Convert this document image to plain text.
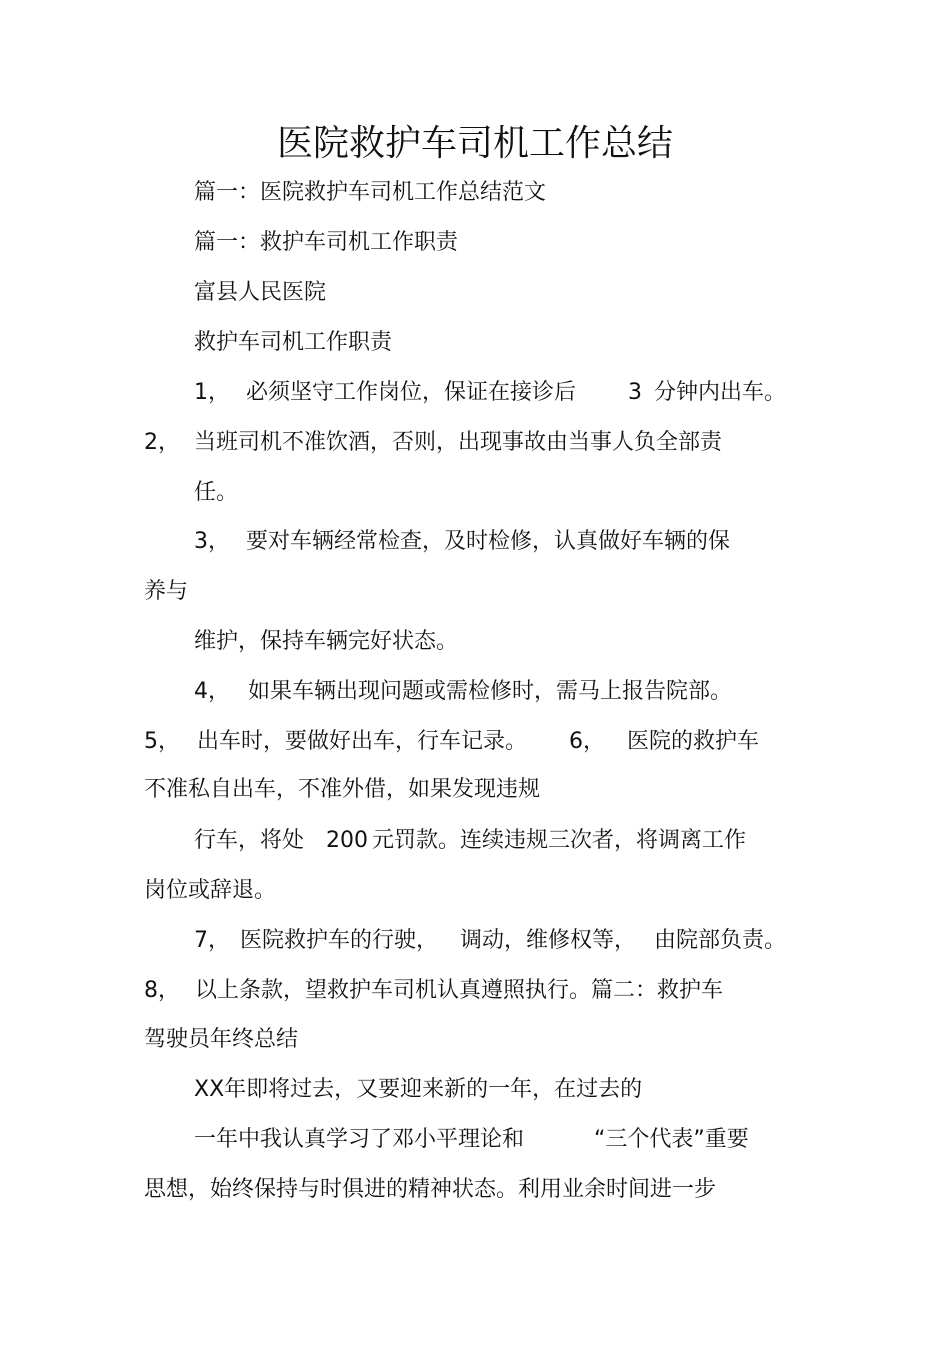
医院救护车司机工作总结
篇一：医院救护车司机工作总结范文
篇一：救护车司机工作职责
富县人民医院
救护车司机工作职责
1， 必须坚守工作岗位，保证在接诊后 3 分钟内出车。
2， 当班司机不准饮酒，否则，出现事故由当事人负全部责
任。
3， 要对车辆经常检查，及时检修，认真做好车辆的保
养与
维护，保持车辆完好状态。
4， 如果车辆出现问题或需检修时，需马上报告院部。
5， 出车时，要做好出车，行车记录。 6， 医院的救护车
不准私自出车，不准外借，如果发现违规
行车，将处 200 元罚款。连续违规三次者，将调离工作
岗位或辞退。
7， 医院救护车的行驶， 调动，维修权等， 由院部负责。
8， 以上条款，望救护车司机认真遵照执行。篇二：救护车
驾驶员年终总结
XX年即将过去，又要迎来新的一年，在过去的
一年中我认真学习了邓小平理论和	“三个代表”重要
思想，始终保持与时俱进的精神状态。利用业余时间进一步
